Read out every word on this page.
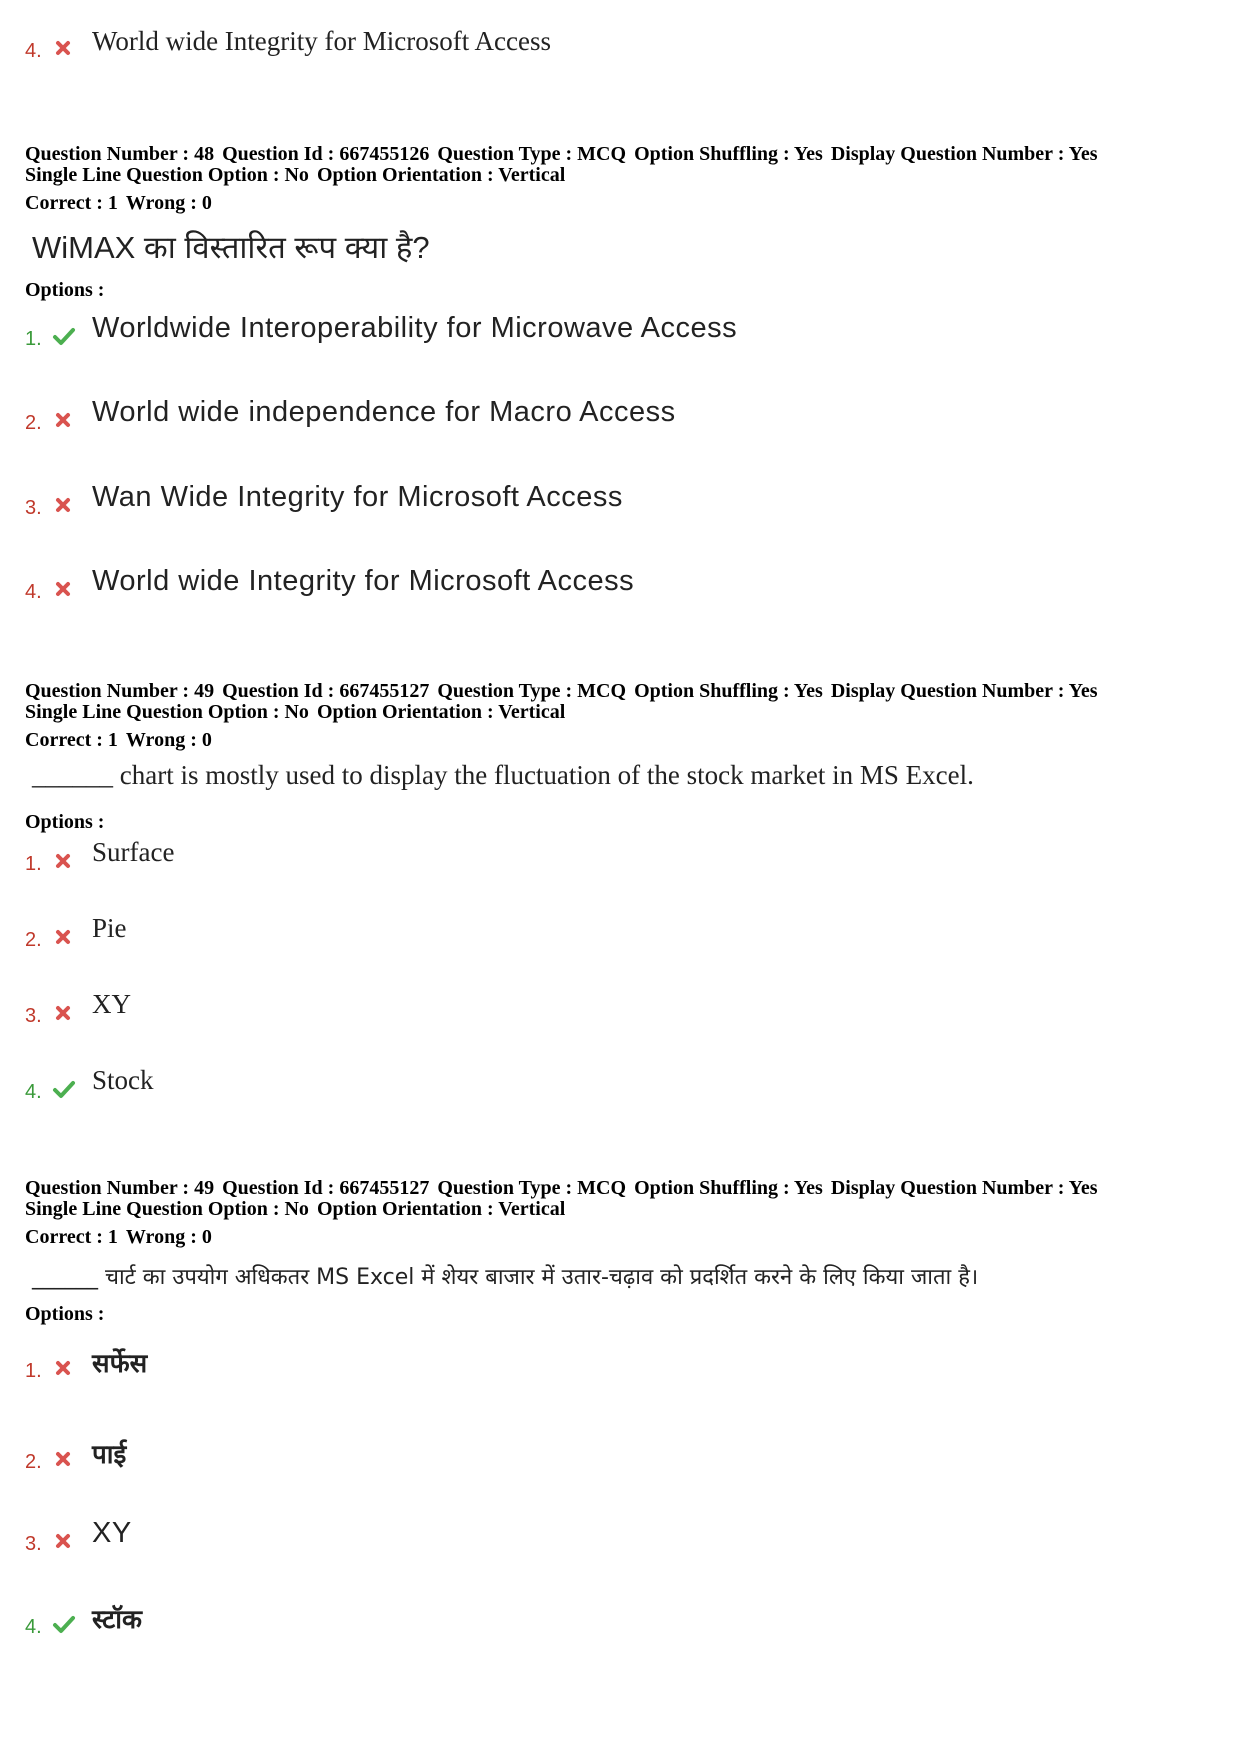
4. World wide Integrity for Microsoft Access
Question Number : 48 Question Id : 667455126 Question Type : MCQ Option Shuffling : Yes Display Question Number : Yes
Single Line Question Option : No Option Orientation : Vertical
Correct : 1 Wrong : 0
WiMAX का विस्तारित रूप क्या है?
Options :
1. Worldwide Interoperability for Microwave Access
2. World wide independence for Macro Access
3. Wan Wide Integrity for Microsoft Access
4. World wide Integrity for Microsoft Access
Question Number : 49 Question Id : 667455127 Question Type : MCQ Option Shuffling : Yes Display Question Number : Yes
Single Line Question Option : No Option Orientation : Vertical
Correct : 1 Wrong : 0
______ chart is mostly used to display the fluctuation of the stock market in MS Excel.
Options :
1. Surface
2. Pie
3. XY
4. Stock
Question Number : 49 Question Id : 667455127 Question Type : MCQ Option Shuffling : Yes Display Question Number : Yes
Single Line Question Option : No Option Orientation : Vertical
Correct : 1 Wrong : 0
______ चार्ट का उपयोग अधिकतर MS Excel में शेयर बाजार में उतार-चढ़ाव को प्रदर्शित करने के लिए किया जाता है।
Options :
1. सर्फेस
2. पाई
3. XY
4. स्टॉक
